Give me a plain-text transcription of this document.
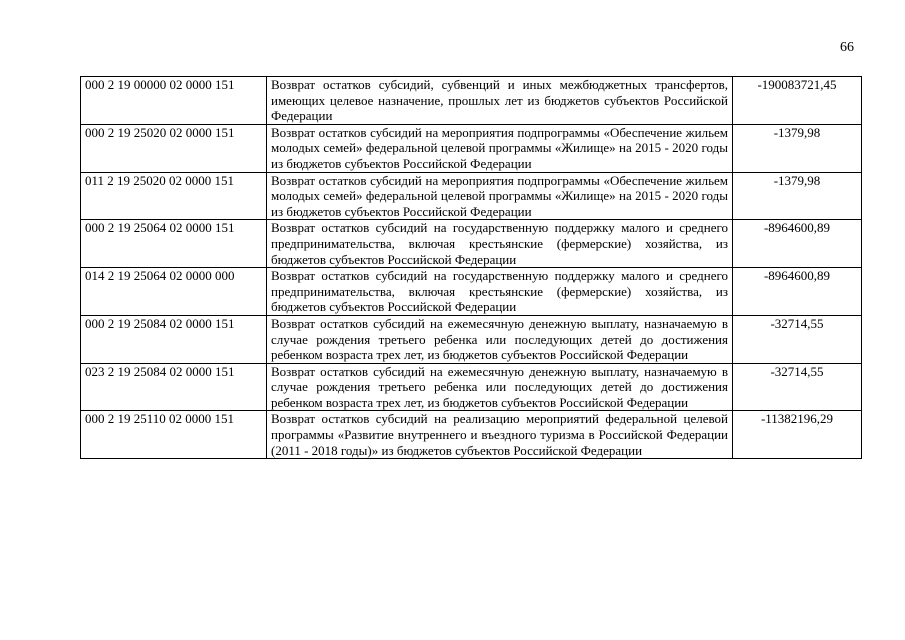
66
000 2 19 00000 02 0000 151	Возврат остатков субсидий, субвенций и иных межбюджетных трансфертов, имеющих целевое назначение, прошлых лет из бюджетов субъектов Российской Федерации	-190083721,45
000 2 19 25020 02 0000 151	Возврат остатков субсидий на мероприятия подпрограммы «Обеспечение жильем молодых семей» федеральной целевой программы «Жилище» на 2015 - 2020 годы из бюджетов субъектов Российской Федерации	-1379,98
011 2 19 25020 02 0000 151	Возврат остатков субсидий на мероприятия подпрограммы «Обеспечение жильем молодых семей» федеральной целевой программы «Жилище» на 2015 - 2020 годы из бюджетов субъектов Российской Федерации	-1379,98
000 2 19 25064 02 0000 151	Возврат остатков субсидий на государственную поддержку малого и среднего предпринимательства, включая крестьянские (фермерские) хозяйства, из бюджетов субъектов Российской Федерации	-8964600,89
014 2 19 25064 02 0000 000	Возврат остатков субсидий на государственную поддержку малого и среднего предпринимательства, включая крестьянские (фермерские) хозяйства, из бюджетов субъектов Российской Федерации	-8964600,89
000 2 19 25084 02 0000 151	Возврат остатков субсидий на ежемесячную денежную выплату, назначаемую в случае рождения третьего ребенка или последующих детей до достижения ребенком возраста трех лет, из бюджетов субъектов Российской Федерации	-32714,55
023 2 19 25084 02 0000 151	Возврат остатков субсидий на ежемесячную денежную выплату, назначаемую в случае рождения третьего ребенка или последующих детей до достижения ребенком возраста трех лет, из бюджетов субъектов Российской Федерации	-32714,55
000 2 19 25110 02 0000 151	Возврат остатков субсидий на реализацию мероприятий федеральной целевой программы «Развитие внутреннего и въездного туризма в Российской Федерации (2011 - 2018 годы)» из бюджетов субъектов Российской Федерации	-11382196,29
